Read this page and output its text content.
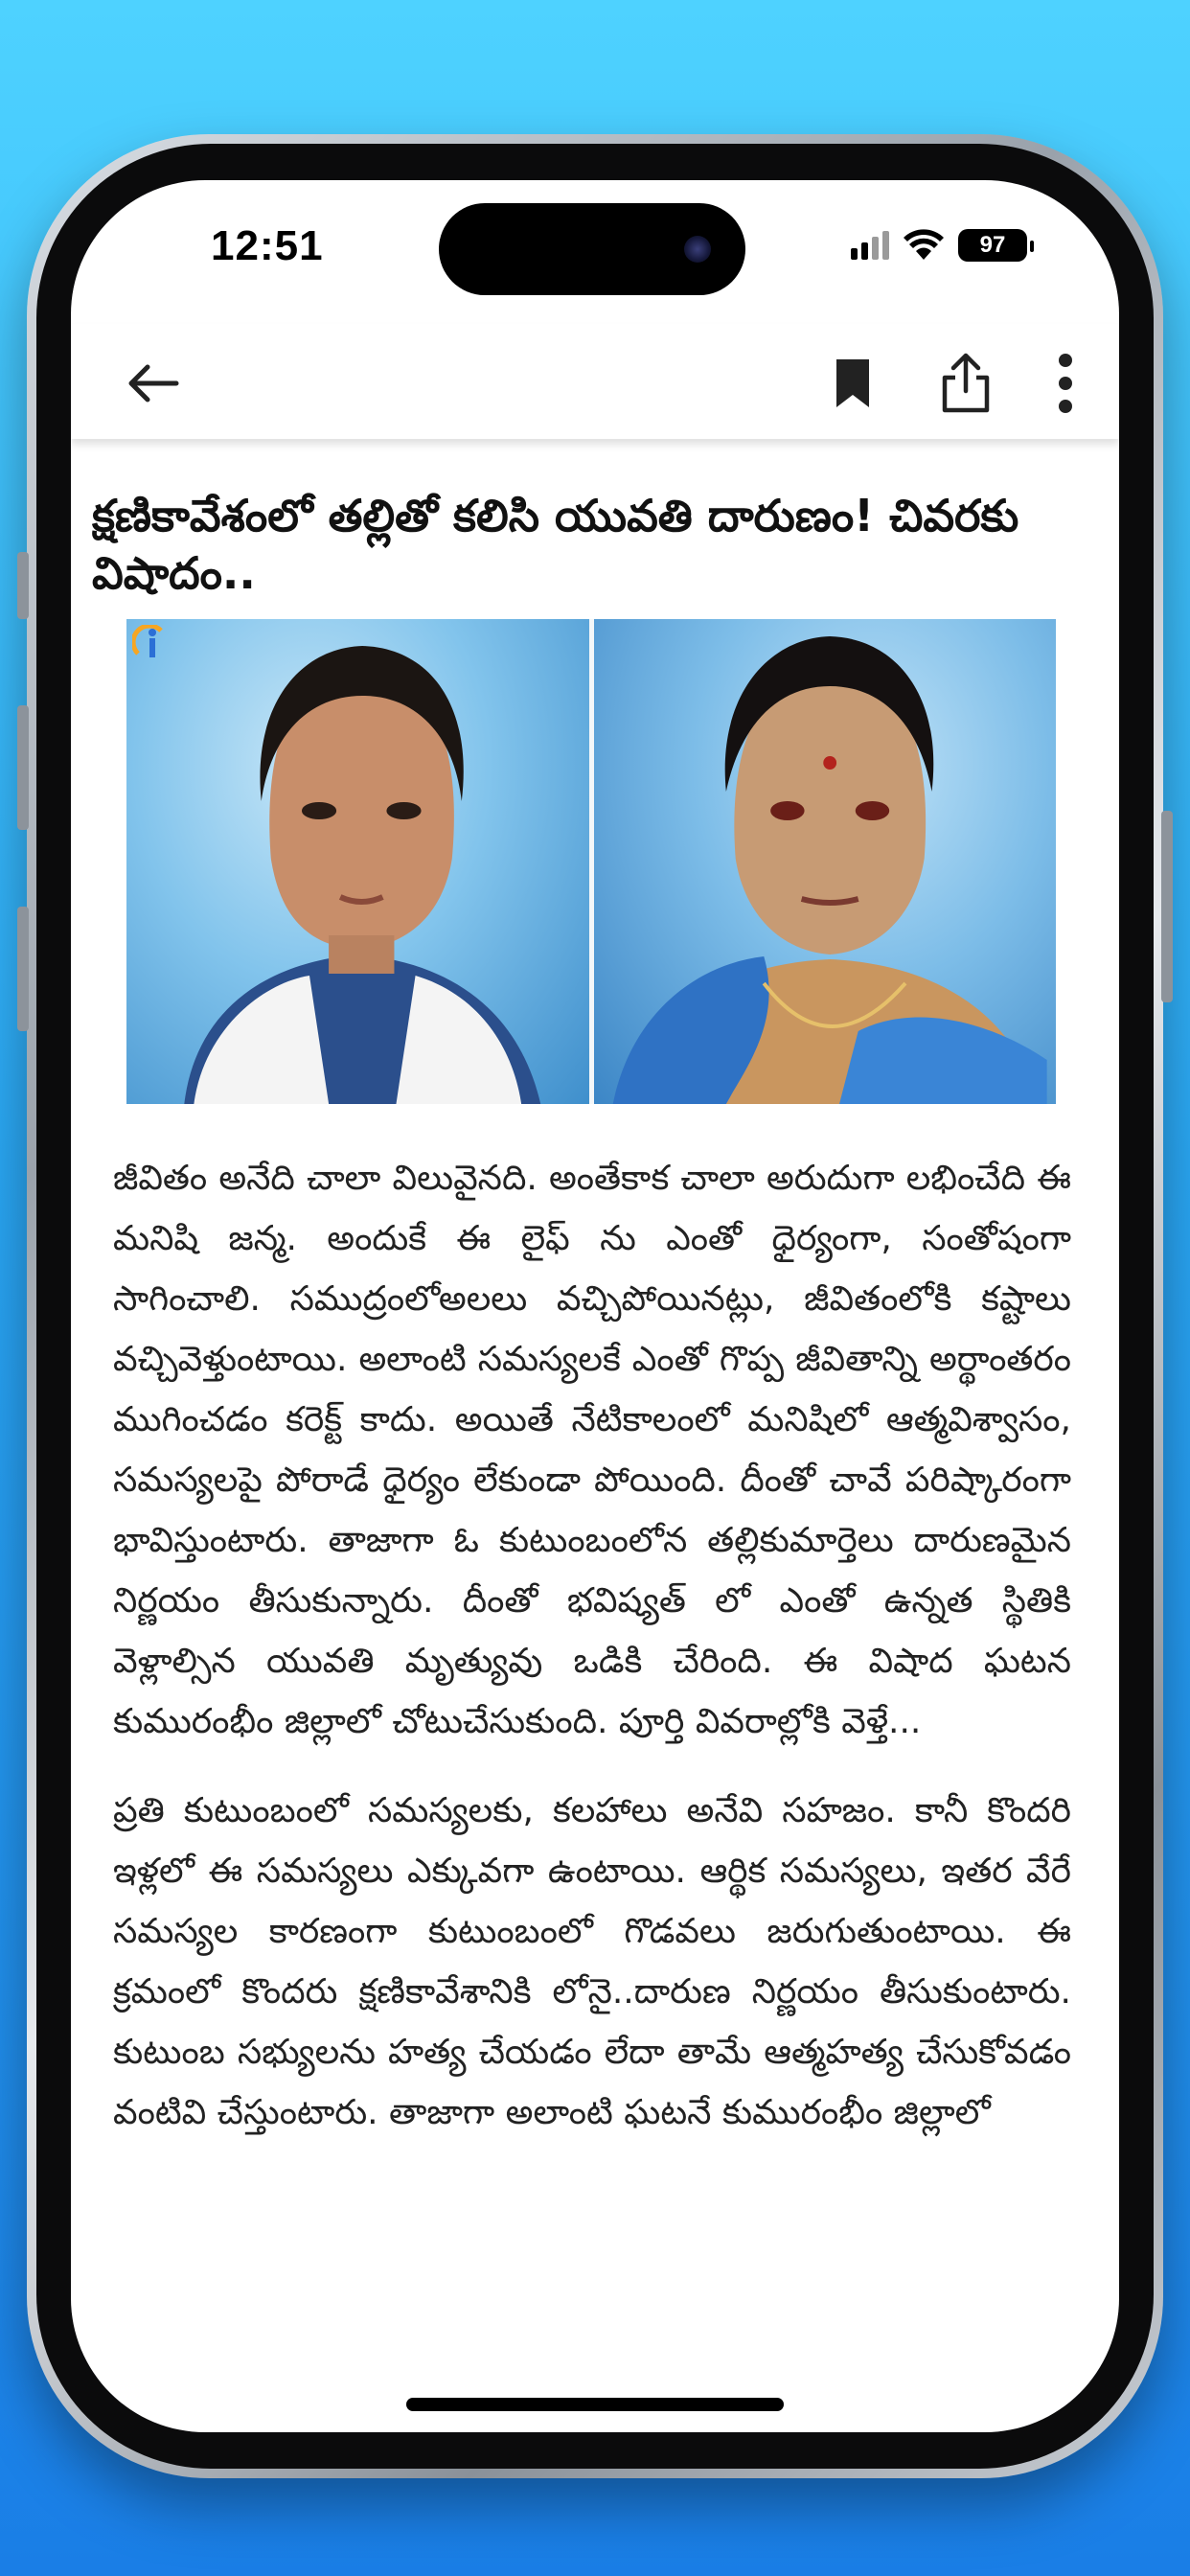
12:51	97
క్షణికావేశంలో తల్లితో కలిసి యువతి దారుణం! చివరకు విషాదం..

జీవితం అనేది చాలా విలువైనది. అంతేకాక చాలా అరుదుగా లభించేది ఈ మనిషి జన్మ. అందుకే ఈ లైఫ్ ను ఎంతో ధైర్యంగా, సంతోషంగా సాగించాలి. సముద్రంలోఅలలు వచ్చిపోయినట్లు, జీవితంలోకి కష్టాలు వచ్చివెళ్తుంటాయి. అలాంటి సమస్యలకే ఎంతో గొప్ప జీవితాన్ని అర్థాంతరం ముగించడం కరెక్ట్ కాదు. అయితే నేటికాలంలో మనిషిలో ఆత్మవిశ్వాసం, సమస్యలపై పోరాడే ధైర్యం లేకుండా పోయింది. దీంతో చావే పరిష్కారంగా భావిస్తుంటారు. తాజాగా ఓ కుటుంబంలోన తల్లికుమార్తెలు దారుణమైన నిర్ణయం తీసుకున్నారు. దీంతో భవిష్యత్ లో ఎంతో ఉన్నత స్థితికి వెళ్లాల్సిన యువతి మృత్యువు ఒడికి చేరింది. ఈ విషాద ఘటన కుమురంభీం జిల్లాలో చోటుచేసుకుంది. పూర్తి వివరాల్లోకి వెళ్తే...

ప్రతి కుటుంబంలో సమస్యలకు, కలహాలు అనేవి సహజం. కానీ కొందరి ఇళ్లలో ఈ సమస్యలు ఎక్కువగా ఉంటాయి. ఆర్థిక సమస్యలు, ఇతర వేరే సమస్యల కారణంగా కుటుంబంలో గొడవలు జరుగుతుంటాయి. ఈ క్రమంలో కొందరు క్షణికావేశానికి లోనై..దారుణ నిర్ణయం తీసుకుంటారు. కుటుంబ సభ్యులను హత్య చేయడం లేదా తామే ఆత్మహత్య చేసుకోవడం వంటివి చేస్తుంటారు. తాజాగా అలాంటి ఘటనే కుమురంభీం జిల్లాలో
